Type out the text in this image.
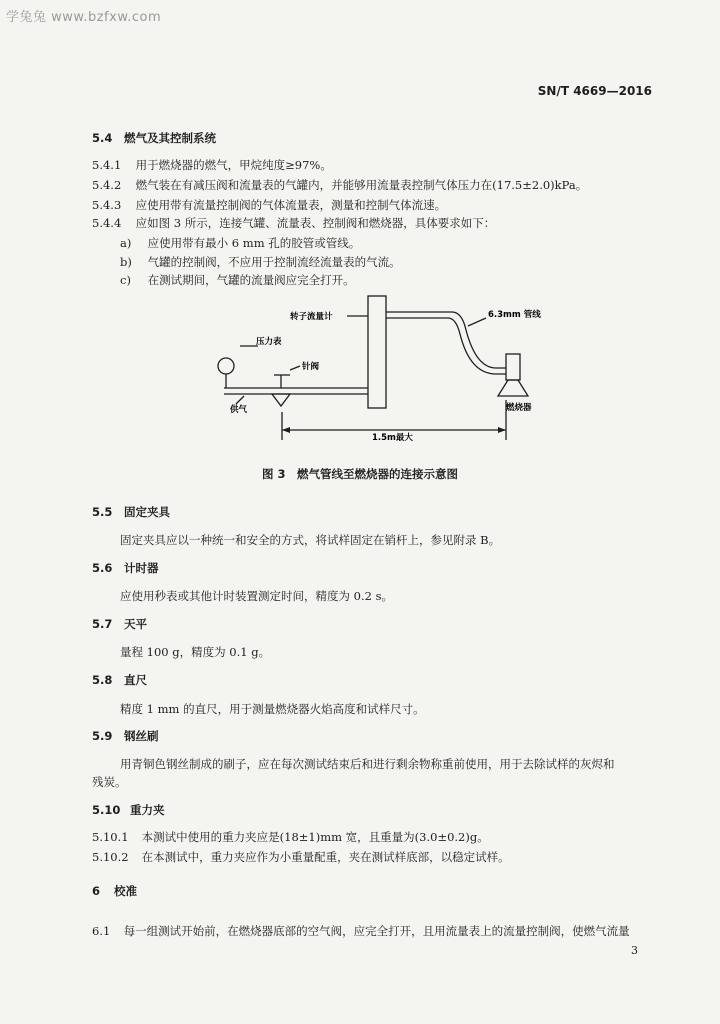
学兔兔 www.bzfxw.com
SN/T 4669—2016
5.4 燃气及其控制系统
5.4.1 用于燃烧器的燃气，甲烷纯度≥97%。
5.4.2 燃气装在有减压阀和流量表的气罐内，并能够用流量表控制气体压力在(17.5±2.0)kPa。
5.4.3 应使用带有流量控制阀的气体流量表，测量和控制气体流速。
5.4.4 应如图 3 所示，连接气罐、流量表、控制阀和燃烧器，具体要求如下：
a) 应使用带有最小 6 mm 孔的胶管或管线。
b) 气罐的控制阀，不应用于控制流经流量表的气流。
c) 在测试期间，气罐的流量阀应完全打开。
转子流量计	6.3mm 管线
压力表
针阀
供气	燃烧器
1.5m最大
图 3　燃气管线至燃烧器的连接示意图
5.5 固定夹具
固定夹具应以一种统一和安全的方式，将试样固定在销杆上，参见附录 B。
5.6 计时器
应使用秒表或其他计时装置测定时间，精度为 0.2 s。
5.7 天平
量程 100 g，精度为 0.1 g。
5.8 直尺
精度 1 mm 的直尺，用于测量燃烧器火焰高度和试样尺寸。
5.9 钢丝刷
用青铜色钢丝制成的刷子，应在每次测试结束后和进行剩余物称重前使用，用于去除试样的灰烬和
残炭。
5.10 重力夹
5.10.1 本测试中使用的重力夹应是(18±1)mm 宽，且重量为(3.0±0.2)g。
5.10.2 在本测试中，重力夹应作为小重量配重，夹在测试样底部，以稳定试样。
6 校准
6.1 每一组测试开始前，在燃烧器底部的空气阀，应完全打开，且用流量表上的流量控制阀，使燃气流量
3
